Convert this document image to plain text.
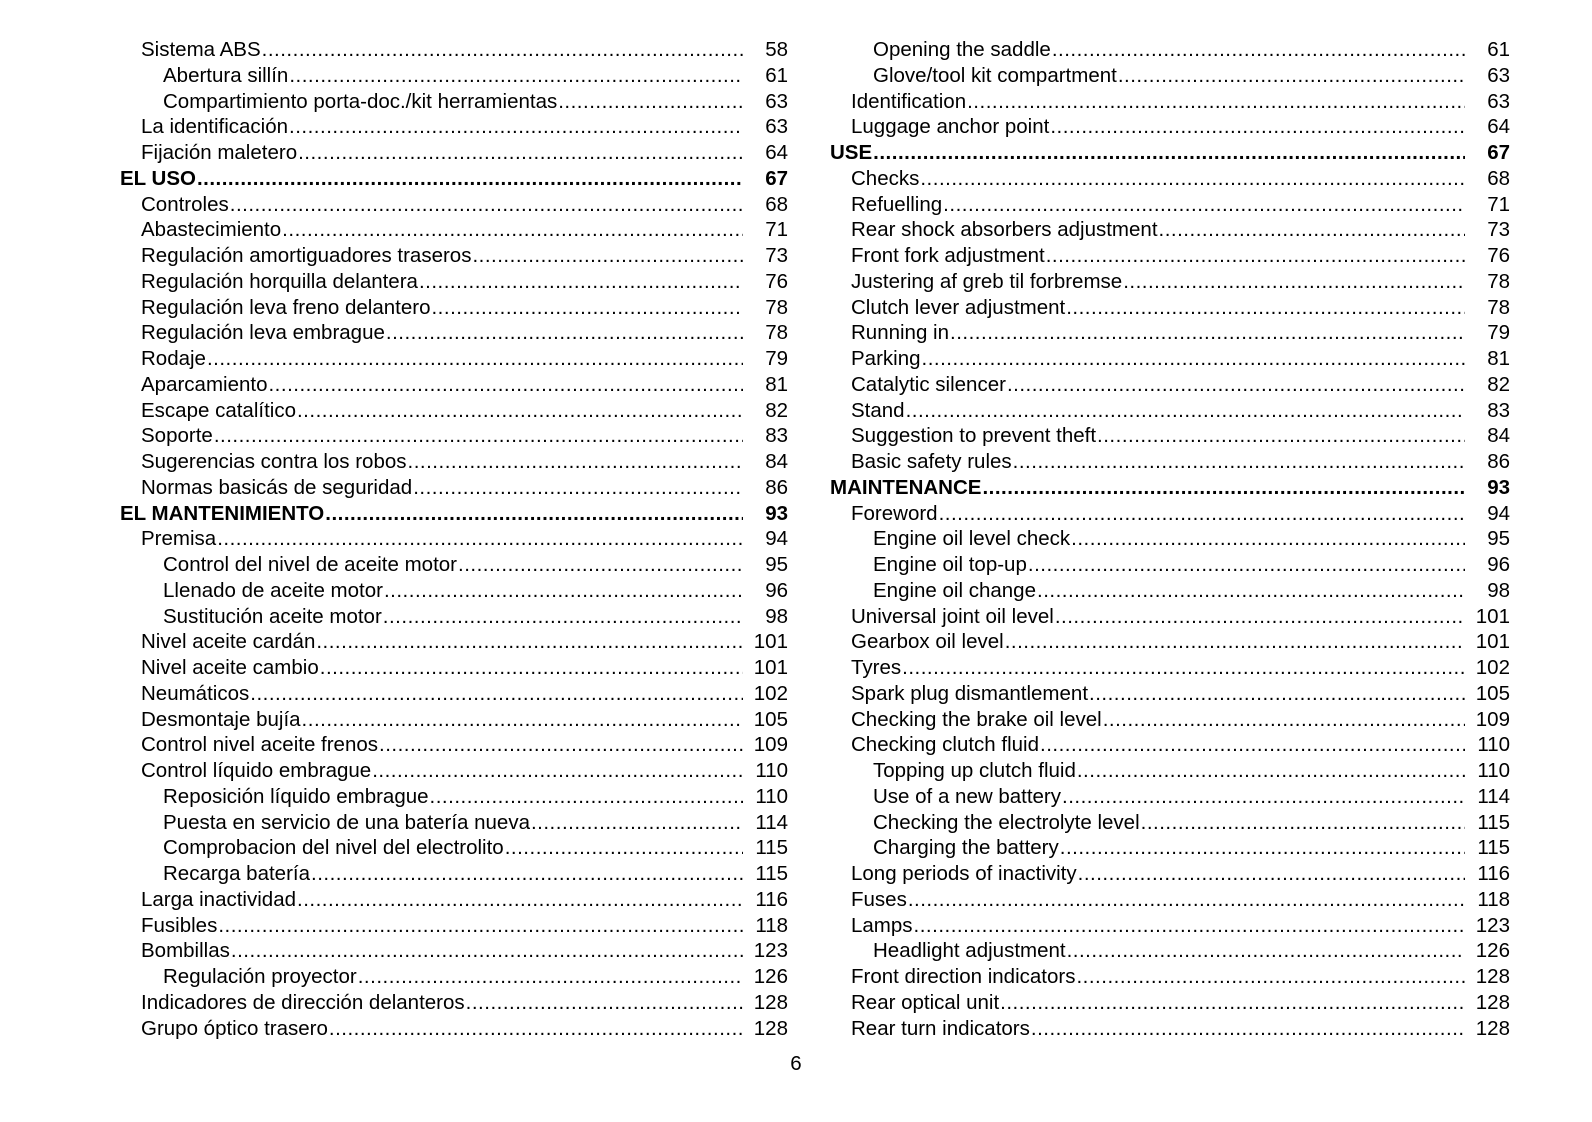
Sistema ABS .....	58
Abertura sillín .....	61
Compartimiento porta-doc./kit herramientas .....	63
La identificación .....	63
Fijación maletero .....	64
EL USO .....	67
Controles .....	68
Abastecimiento .....	71
Regulación amortiguadores traseros .....	73
Regulación horquilla delantera .....	76
Regulación leva freno delantero .....	78
Regulación leva embrague .....	78
Rodaje .....	79
Aparcamiento .....	81
Escape catalítico .....	82
Soporte .....	83
Sugerencias contra los robos .....	84
Normas basicás de seguridad .....	86
EL MANTENIMIENTO .....	93
Premisa .....	94
Control del nivel de aceite motor .....	95
Llenado de aceite motor .....	96
Sustitución aceite motor .....	98
Nivel aceite cardán .....	101
Nivel aceite cambio .....	101
Neumáticos .....	102
Desmontaje bujía .....	105
Control nivel aceite frenos .....	109
Control líquido embrague .....	110
Reposición líquido embrague .....	110
Puesta en servicio de una batería nueva .....	114
Comprobacion del nivel del electrolito .....	115
Recarga batería .....	115
Larga inactividad .....	116
Fusibles .....	118
Bombillas .....	123
Regulación proyector .....	126
Indicadores de dirección delanteros .....	128
Grupo óptico trasero .....	128
Opening the saddle .....	61
Glove/tool kit compartment .....	63
Identification .....	63
Luggage anchor point .....	64
USE .....	67
Checks .....	68
Refuelling .....	71
Rear shock absorbers adjustment .....	73
Front fork adjustment .....	76
Justering af greb til forbremse .....	78
Clutch lever adjustment .....	78
Running in .....	79
Parking .....	81
Catalytic silencer .....	82
Stand .....	83
Suggestion to prevent theft .....	84
Basic safety rules .....	86
MAINTENANCE .....	93
Foreword .....	94
Engine oil level check .....	95
Engine oil top-up .....	96
Engine oil change .....	98
Universal joint oil level .....	101
Gearbox oil level .....	101
Tyres .....	102
Spark plug dismantlement .....	105
Checking the brake oil level .....	109
Checking clutch fluid .....	110
Topping up clutch fluid .....	110
Use of a new battery .....	114
Checking the electrolyte level .....	115
Charging the battery .....	115
Long periods of inactivity .....	116
Fuses .....	118
Lamps .....	123
Headlight adjustment .....	126
Front direction indicators .....	128
Rear optical unit .....	128
Rear turn indicators .....	128
6
